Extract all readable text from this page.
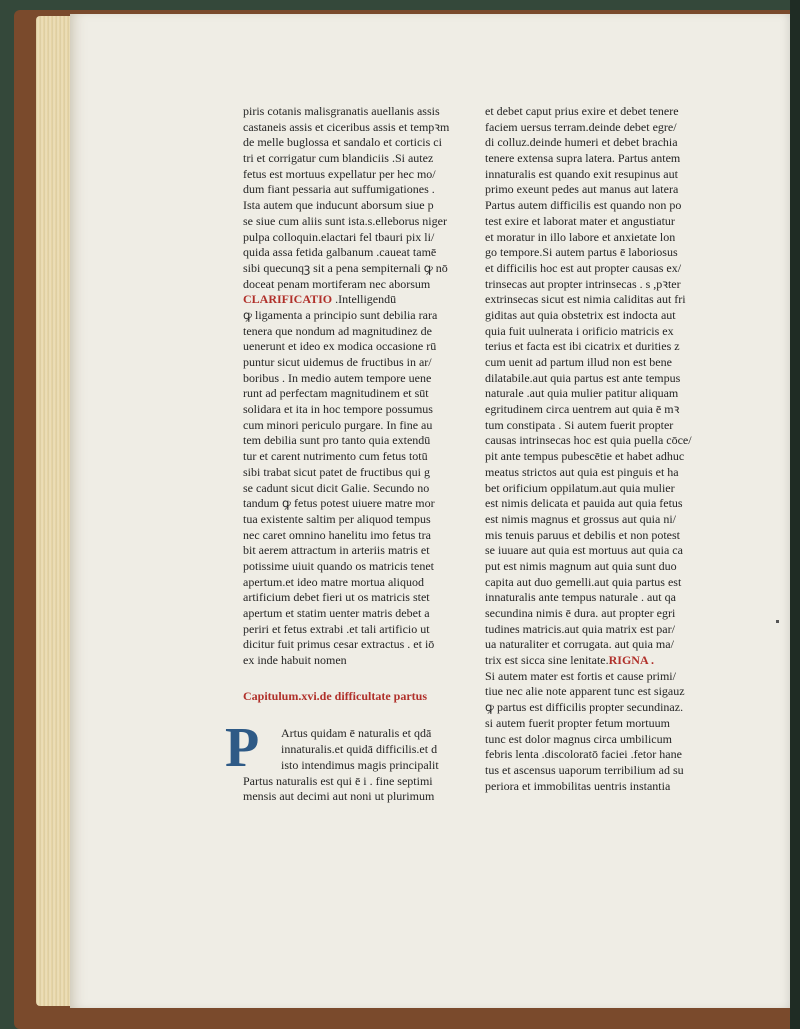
piris cotanis malisgranatis auellanis assis
castaneis assis et ciceribus assis et tempꝛm
de melle buglossa et sandalo et corticis ci
tri et corrigatur cum blandiciis .Si autez
fetus est mortuus expellatur per hec mo/
dum fiant pessaria aut suffumigationes .
Ista autem que inducunt aborsum siue p
se siue cum aliis sunt ista.s.elleborus niger
pulpa colloquin.elactari fel tbauri pix li/
quida assa fetida galbanum .caueat tamē
sibi quecunqꝫ sit a pena sempiternali ꝙ nō
doceat penam mortiferam nec aborsum
CLARIFICATIO .Intelligendū
ꝙ ligamenta a principio sunt debilia rara
tenera que nondum ad magnitudinez de
uenerunt et ideo ex modica occasione rū
puntur sicut uidemus de fructibus in ar/
boribus . In medio autem tempore uene
runt ad perfectam magnitudinem et sūt
solidara et ita in hoc tempore possumus
cum minori periculo purgare. In fine au
tem debilia sunt pro tanto quia extendū
tur et carent nutrimento cum fetus totū
sibi trabat sicut patet de fructibus qui g
se cadunt sicut dicit Galie. Secundo no
tandum ꝙ fetus potest uiuere matre mor
tua existente saltim per aliquod tempus
nec caret omnino hanelitu imo fetus tra
bit aerem attractum in arteriis matris et
potissime uiuit quando os matricis tenet
apertum.et ideo matre mortua aliquod
artificium debet fieri ut os matricis stet
apertum et statim uenter matris debet a
periri et fetus extrabi .et tali artificio ut
dicitur fuit primus cesar extractus . et iō
ex inde habuit nomen
Capitulum.xvi.de difficultate partus
P	Artus quidam ē naturalis et qdā
innaturalis.et quidā difficilis.et d
isto intendimus magis principalit
Partus naturalis est qui ē i . fine septimi
mensis aut decimi aut noni ut plurimum
et debet caput prius exire et debet tenere
faciem uersus terram.deinde debet egre/
di colluz.deinde humeri et debet brachia
tenere extensa supra latera. Partus antem
innaturalis est quando exit resupinus aut
primo exeunt pedes aut manus aut latera
Partus autem difficilis est quando non po
test exire et laborat mater et angustiatur
et moratur in illo labore et anxietate lon
go tempore.Si autem partus ē laboriosus
et difficilis hoc est aut propter causas ex/
trinsecas aut propter intrinsecas . s ,pꝛter
extrinsecas sicut est nimia caliditas aut fri
giditas aut quia obstetrix est indocta aut
quia fuit uulnerata i orificio matricis ex
terius et facta est ibi cicatrix et durities z
cum uenit ad partum illud non est bene
dilatabile.aut quia partus est ante tempus
naturale .aut quia mulier patitur aliquam
egritudinem circa uentrem aut quia ē mꝛ
tum constipata . Si autem fuerit propter
causas intrinsecas hoc est quia puella cōce/
pit ante tempus pubescētie et habet adhuc
meatus strictos aut quia est pinguis et ha
bet orificium oppilatum.aut quia mulier
est nimis delicata et pauida aut quia fetus
est nimis magnus et grossus aut quia ni/
mis tenuis paruus et debilis et non potest
se iuuare aut quia est mortuus aut quia ca
put est nimis magnum aut quia sunt duo
capita aut duo gemelli.aut quia partus est
innaturalis ante tempus naturale . aut qa
secundina nimis ē dura. aut propter egri
tudines matricis.aut quia matrix est par/
ua naturaliter et corrugata. aut quia ma/
trix est sicca sine lenitate.RIGNA .
Si autem mater est fortis et cause primi/
tiue nec alie note apparent tunc est sigauz
ꝙ partus est difficilis propter secundinaz.
si autem fuerit propter fetum mortuum
tunc est dolor magnus circa umbilicum
febris lenta .discoloratō faciei .fetor hane
tus et ascensus uaporum terribilium ad su
periora et immobilitas uentris instantia
